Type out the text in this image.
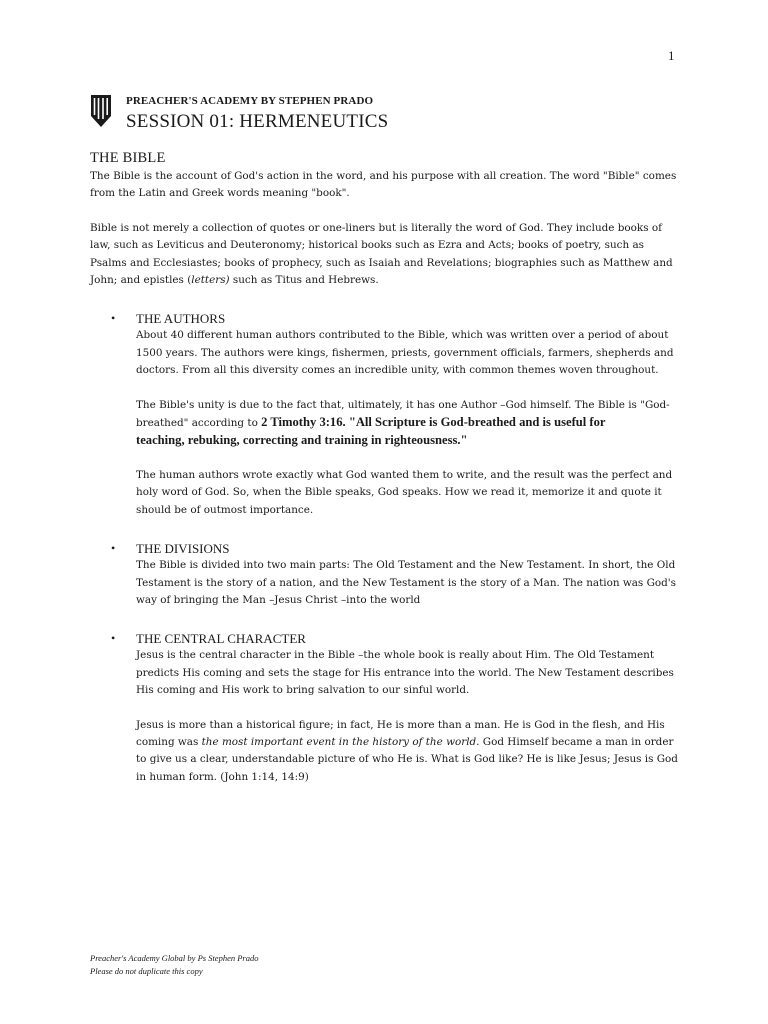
1
PREACHER'S ACADEMY BY STEPHEN PRADO
SESSION 01: HERMENEUTICS
THE BIBLE

The Bible is the account of God's action in the word, and his purpose with all creation. The word "Bible" comes from the Latin and Greek words meaning "book".

Bible is not merely a collection of quotes or one-liners but is literally the word of God. They include books of law, such as Leviticus and Deuteronomy; historical books such as Ezra and Acts; books of poetry, such as Psalms and Ecclesiastes; books of prophecy, such as Isaiah and Revelations; biographies such as Matthew and John; and epistles (letters) such as Titus and Hebrews.

• THE AUTHORS

About 40 different human authors contributed to the Bible, which was written over a period of about 1500 years. The authors were kings, fishermen, priests, government officials, farmers, shepherds and doctors. From all this diversity comes an incredible unity, with common themes woven throughout.

The Bible's unity is due to the fact that, ultimately, it has one Author –God himself. The Bible is "God-breathed" according to 2 Timothy 3:16. "All Scripture is God-breathed and is useful for

teaching, rebuking, correcting and training in righteousness."

The human authors wrote exactly what God wanted them to write, and the result was the perfect and holy word of God. So, when the Bible speaks, God speaks. How we read it, memorize it and quote it should be of outmost importance.

• THE DIVISIONS

The Bible is divided into two main parts: The Old Testament and the New Testament. In short, the Old Testament is the story of a nation, and the New Testament is the story of a Man. The nation was God's way of bringing the Man –Jesus Christ –into the world

• THE CENTRAL CHARACTER

Jesus is the central character in the Bible –the whole book is really about Him. The Old Testament predicts His coming and sets the stage for His entrance into the world. The New Testament describes His coming and His work to bring salvation to our sinful world.

Jesus is more than a historical figure; in fact, He is more than a man. He is God in the flesh, and His coming was the most important event in the history of the world. God Himself became a man in order to give us a clear, understandable picture of who He is. What is God like? He is like Jesus; Jesus is God in human form. (John 1:14, 14:9)

Preacher's Academy Global by Ps Stephen Prado
Please do not duplicate this copy
